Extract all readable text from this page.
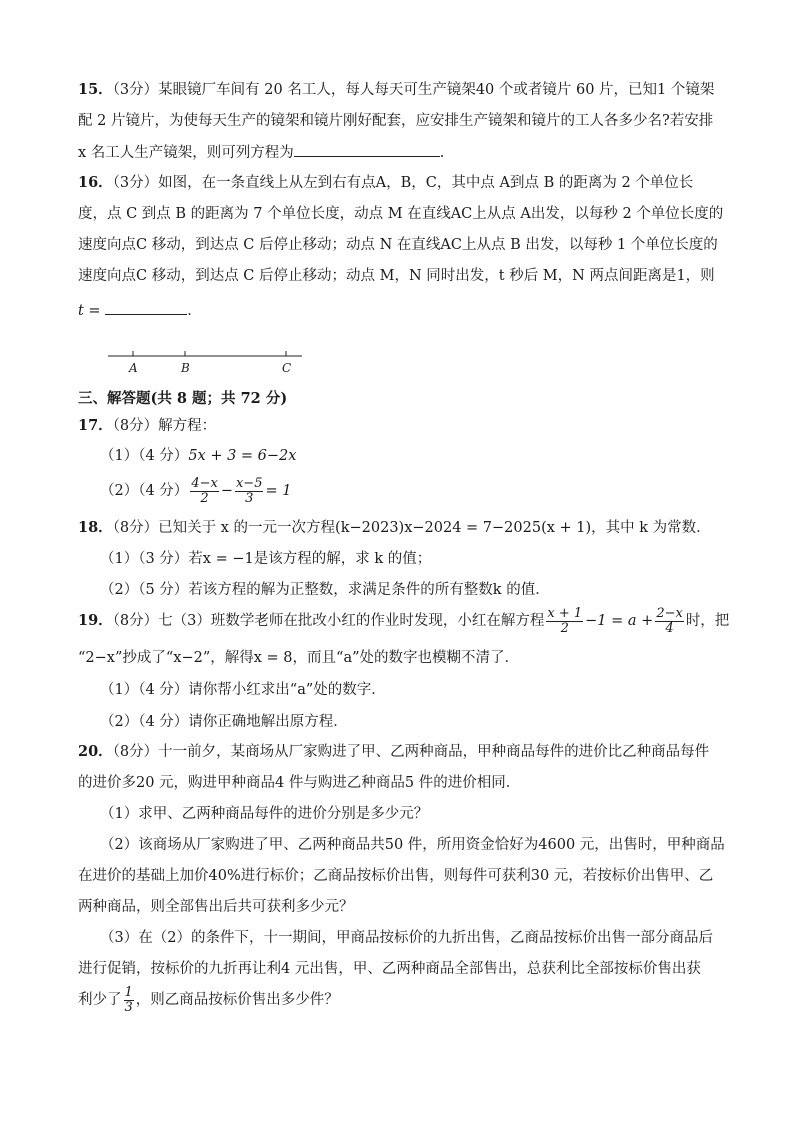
15．（3分）某眼镜厂车间有 20 名工人，每人每天可生产镜架40 个或者镜片 60 片，已知1 个镜架
配 2 片镜片，为使每天生产的镜架和镜片刚好配套，应安排生产镜架和镜片的工人各多少名?若安排
x 名工人生产镜架，则可列方程为	.
16．（3分）如图，在一条直线上从左到右有点A，B，C，其中点 A到点 B 的距离为 2 个单位长
度，点 C 到点 B 的距离为 7 个单位长度，动点 M 在直线AC上从点 A出发，以每秒 2 个单位长度的
速度向点C 移动，到达点 C 后停止移动；动点 N 在直线AC上从点 B 出发，以每秒 1 个单位长度的
速度向点C 移动，到达点 C 后停止移动；动点 M，N 同时出发，t 秒后 M，N 两点间距离是1，则
t =	．
A	B	C
三、解答题(共 8 题；共 72 分)
17．（8分）解方程：
（1）（4 分）5x + 3 = 6−2x
（2）（4 分） $\frac{4-x}{2} - \frac{x-5}{3} = 1$
18．（8分）已知关于 x 的一元一次方程(k−2023)x−2024 = 7−2025(x + 1)，其中 k 为常数．
（1）（3 分）若x = −1是该方程的解，求 k 的值；
（2）（5 分）若该方程的解为正整数，求满足条件的所有整数k 的值．
19．（8分）七（3）班数学老师在批改小红的作业时发现，小红在解方程 $\frac{x + 1}{2} -1 = a + \frac{2-x}{4}$ 时，把
“2−x”抄成了“x−2”，解得x = 8，而且“a”处的数字也模糊不清了．
（1）（4 分）请你帮小红求出“a”处的数字．
（2）（4 分）请你正确地解出原方程．
20．（8分）十一前夕，某商场从厂家购进了甲、乙两种商品，甲种商品每件的进价比乙种商品每件
的进价多20 元，购进甲种商品4 件与购进乙种商品5 件的进价相同．
（1）求甲、乙两种商品每件的进价分别是多少元？
（2）该商场从厂家购进了甲、乙两种商品共50 件，所用资金恰好为4600 元，出售时，甲种商品
在进价的基础上加价40%进行标价；乙商品按标价出售，则每件可获利30 元，若按标价出售甲、乙
两种商品，则全部售出后共可获利多少元？
（3）在（2）的条件下，十一期间，甲商品按标价的九折出售，乙商品按标价出售一部分商品后
进行促销，按标价的九折再让利4 元出售，甲、乙两种商品全部售出，总获利比全部按标价售出获
利少了 $\frac{1}{3}$ ，则乙商品按标价售出多少件？
